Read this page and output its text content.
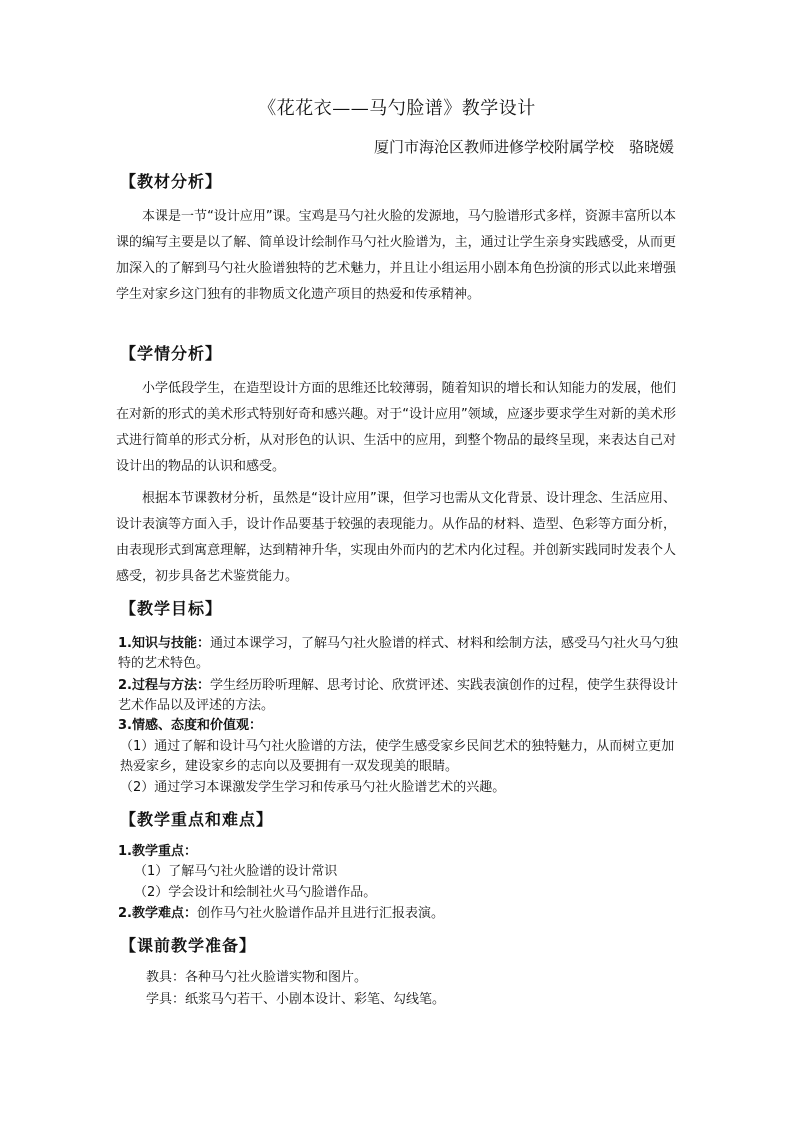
《花花衣——马勺脸谱》教学设计
厦门市海沧区教师进修学校附属学校　骆晓媛
【教材分析】

本课是一节“设计应用”课。宝鸡是马勺社火脸的发源地，马勺脸谱形式多样，资源丰富所以本课的编写主要是以了解、简单设计绘制作马勺社火脸谱为，主，通过让学生亲身实践感受，从而更加深入的了解到马勺社火脸谱独特的艺术魅力，并且让小组运用小剧本角色扮演的形式以此来增强学生对家乡这门独有的非物质文化遗产项目的热爱和传承精神。

【学情分析】

小学低段学生，在造型设计方面的思维还比较薄弱，随着知识的增长和认知能力的发展，他们在对新的形式的美术形式特别好奇和感兴趣。对于“设计应用”领域，应逐步要求学生对新的美术形式进行简单的形式分析，从对形色的认识、生活中的应用，到整个物品的最终呈现，来表达自己对设计出的物品的认识和感受。

根据本节课教材分析，虽然是“设计应用”课，但学习也需从文化背景、设计理念、生活应用、设计表演等方面入手，设计作品要基于较强的表现能力。从作品的材料、造型、色彩等方面分析，由表现形式到寓意理解，达到精神升华，实现由外而内的艺术内化过程。并创新实践同时发表个人感受，初步具备艺术鉴赏能力。

【教学目标】

1.知识与技能：通过本课学习，了解马勺社火脸谱的样式、材料和绘制方法，感受马勺社火马勺独特的艺术特色。

2.过程与方法：学生经历聆听理解、思考讨论、欣赏评述、实践表演创作的过程，使学生获得设计艺术作品以及评述的方法。

3.情感、态度和价值观：

（1）通过了解和设计马勺社火脸谱的方法，使学生感受家乡民间艺术的独特魅力，从而树立更加热爱家乡，建设家乡的志向以及要拥有一双发现美的眼睛。

（2）通过学习本课激发学生学习和传承马勺社火脸谱艺术的兴趣。

【教学重点和难点】

1.教学重点：

（1）了解马勺社火脸谱的设计常识

（2）学会设计和绘制社火马勺脸谱作品。

2.教学难点：创作马勺社火脸谱作品并且进行汇报表演。

【课前教学准备】

教具：各种马勺社火脸谱实物和图片。

学具：纸浆马勺若干、小剧本设计、彩笔、勾线笔。
